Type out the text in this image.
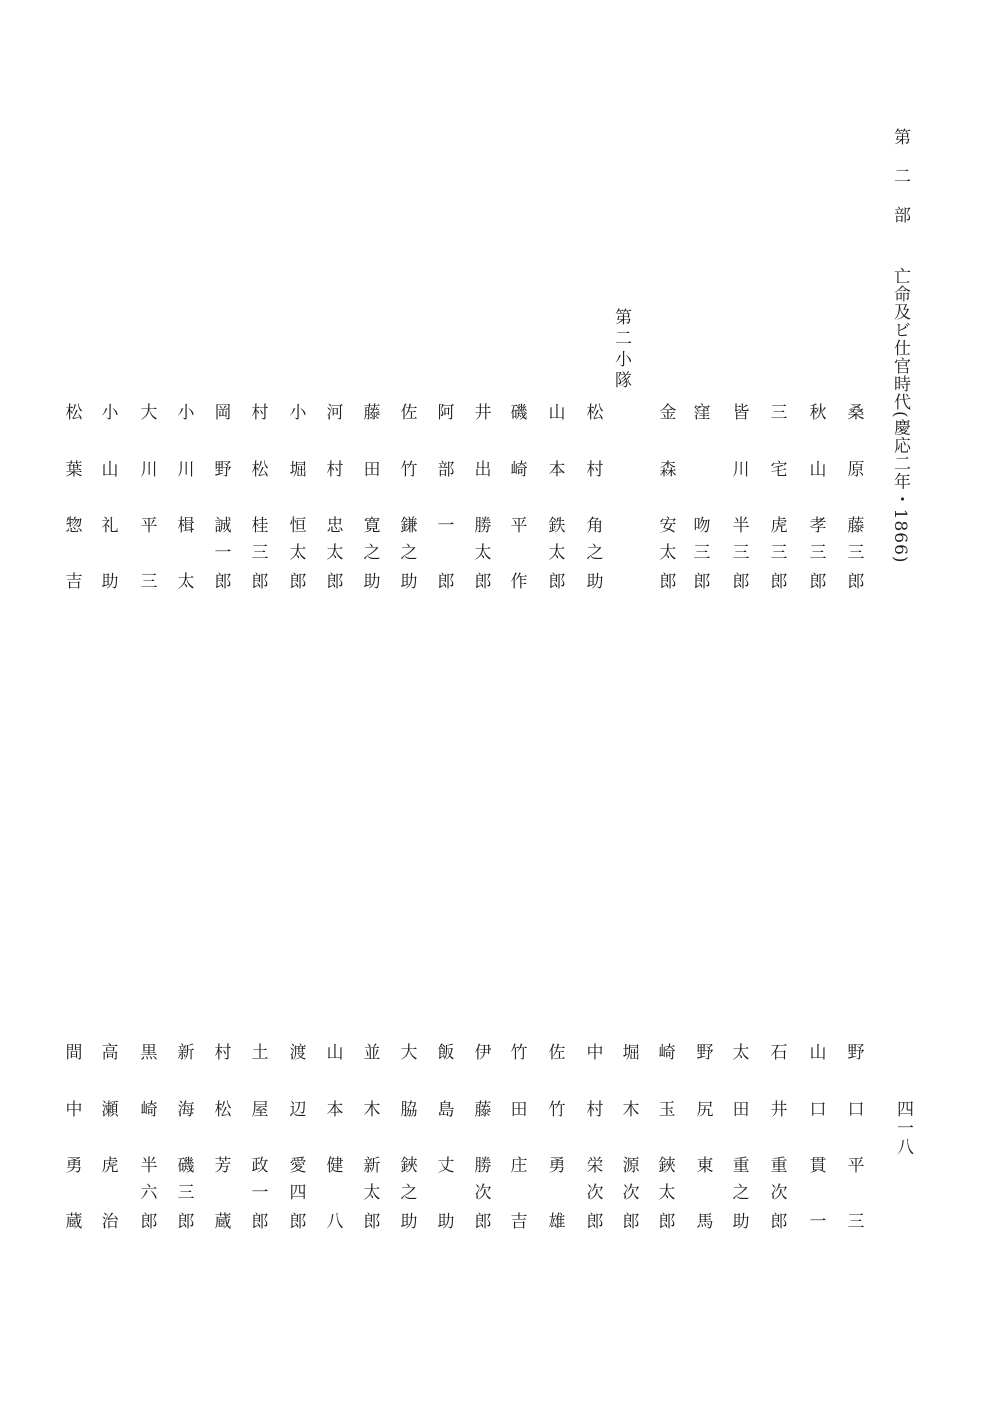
第二部亡命及ビ仕官時代(慶応二年・1866)
四一八
第二小隊
桑
原
藤
三
郎
秋
山
孝
三
郎
三
宅
虎
三
郎
皆
川
半
三
郎
窪
吻
三
郎
金
森
安
太
郎
松
村
角
之
助
山
本
鉄
太
郎
磯
崎
平
作
井
出
勝
太
郎
阿
部
一
郎
佐
竹
鎌
之
助
藤
田
寛
之
助
河
村
忠
太
郎
小
堀
恒
太
郎
村
松
桂
三
郎
岡
野
誠
一
郎
小
川
楫
太
大
川
平
三
小
山
礼
助
松
葉
惣
吉
野
口
平
三
山
口
貫
一
石
井
重
次
郎
太
田
重
之
助
野
尻
東
馬
崎
玉
鋏
太
郎
堀
木
源
次
郎
中
村
栄
次
郎
佐
竹
勇
雄
竹
田
庄
吉
伊
藤
勝
次
郎
飯
島
丈
助
大
脇
鋏
之
助
並
木
新
太
郎
山
本
健
八
渡
辺
愛
四
郎
土
屋
政
一
郎
村
松
芳
蔵
新
海
磯
三
郎
黒
崎
半
六
郎
高
瀬
虎
治
間
中
勇
蔵
